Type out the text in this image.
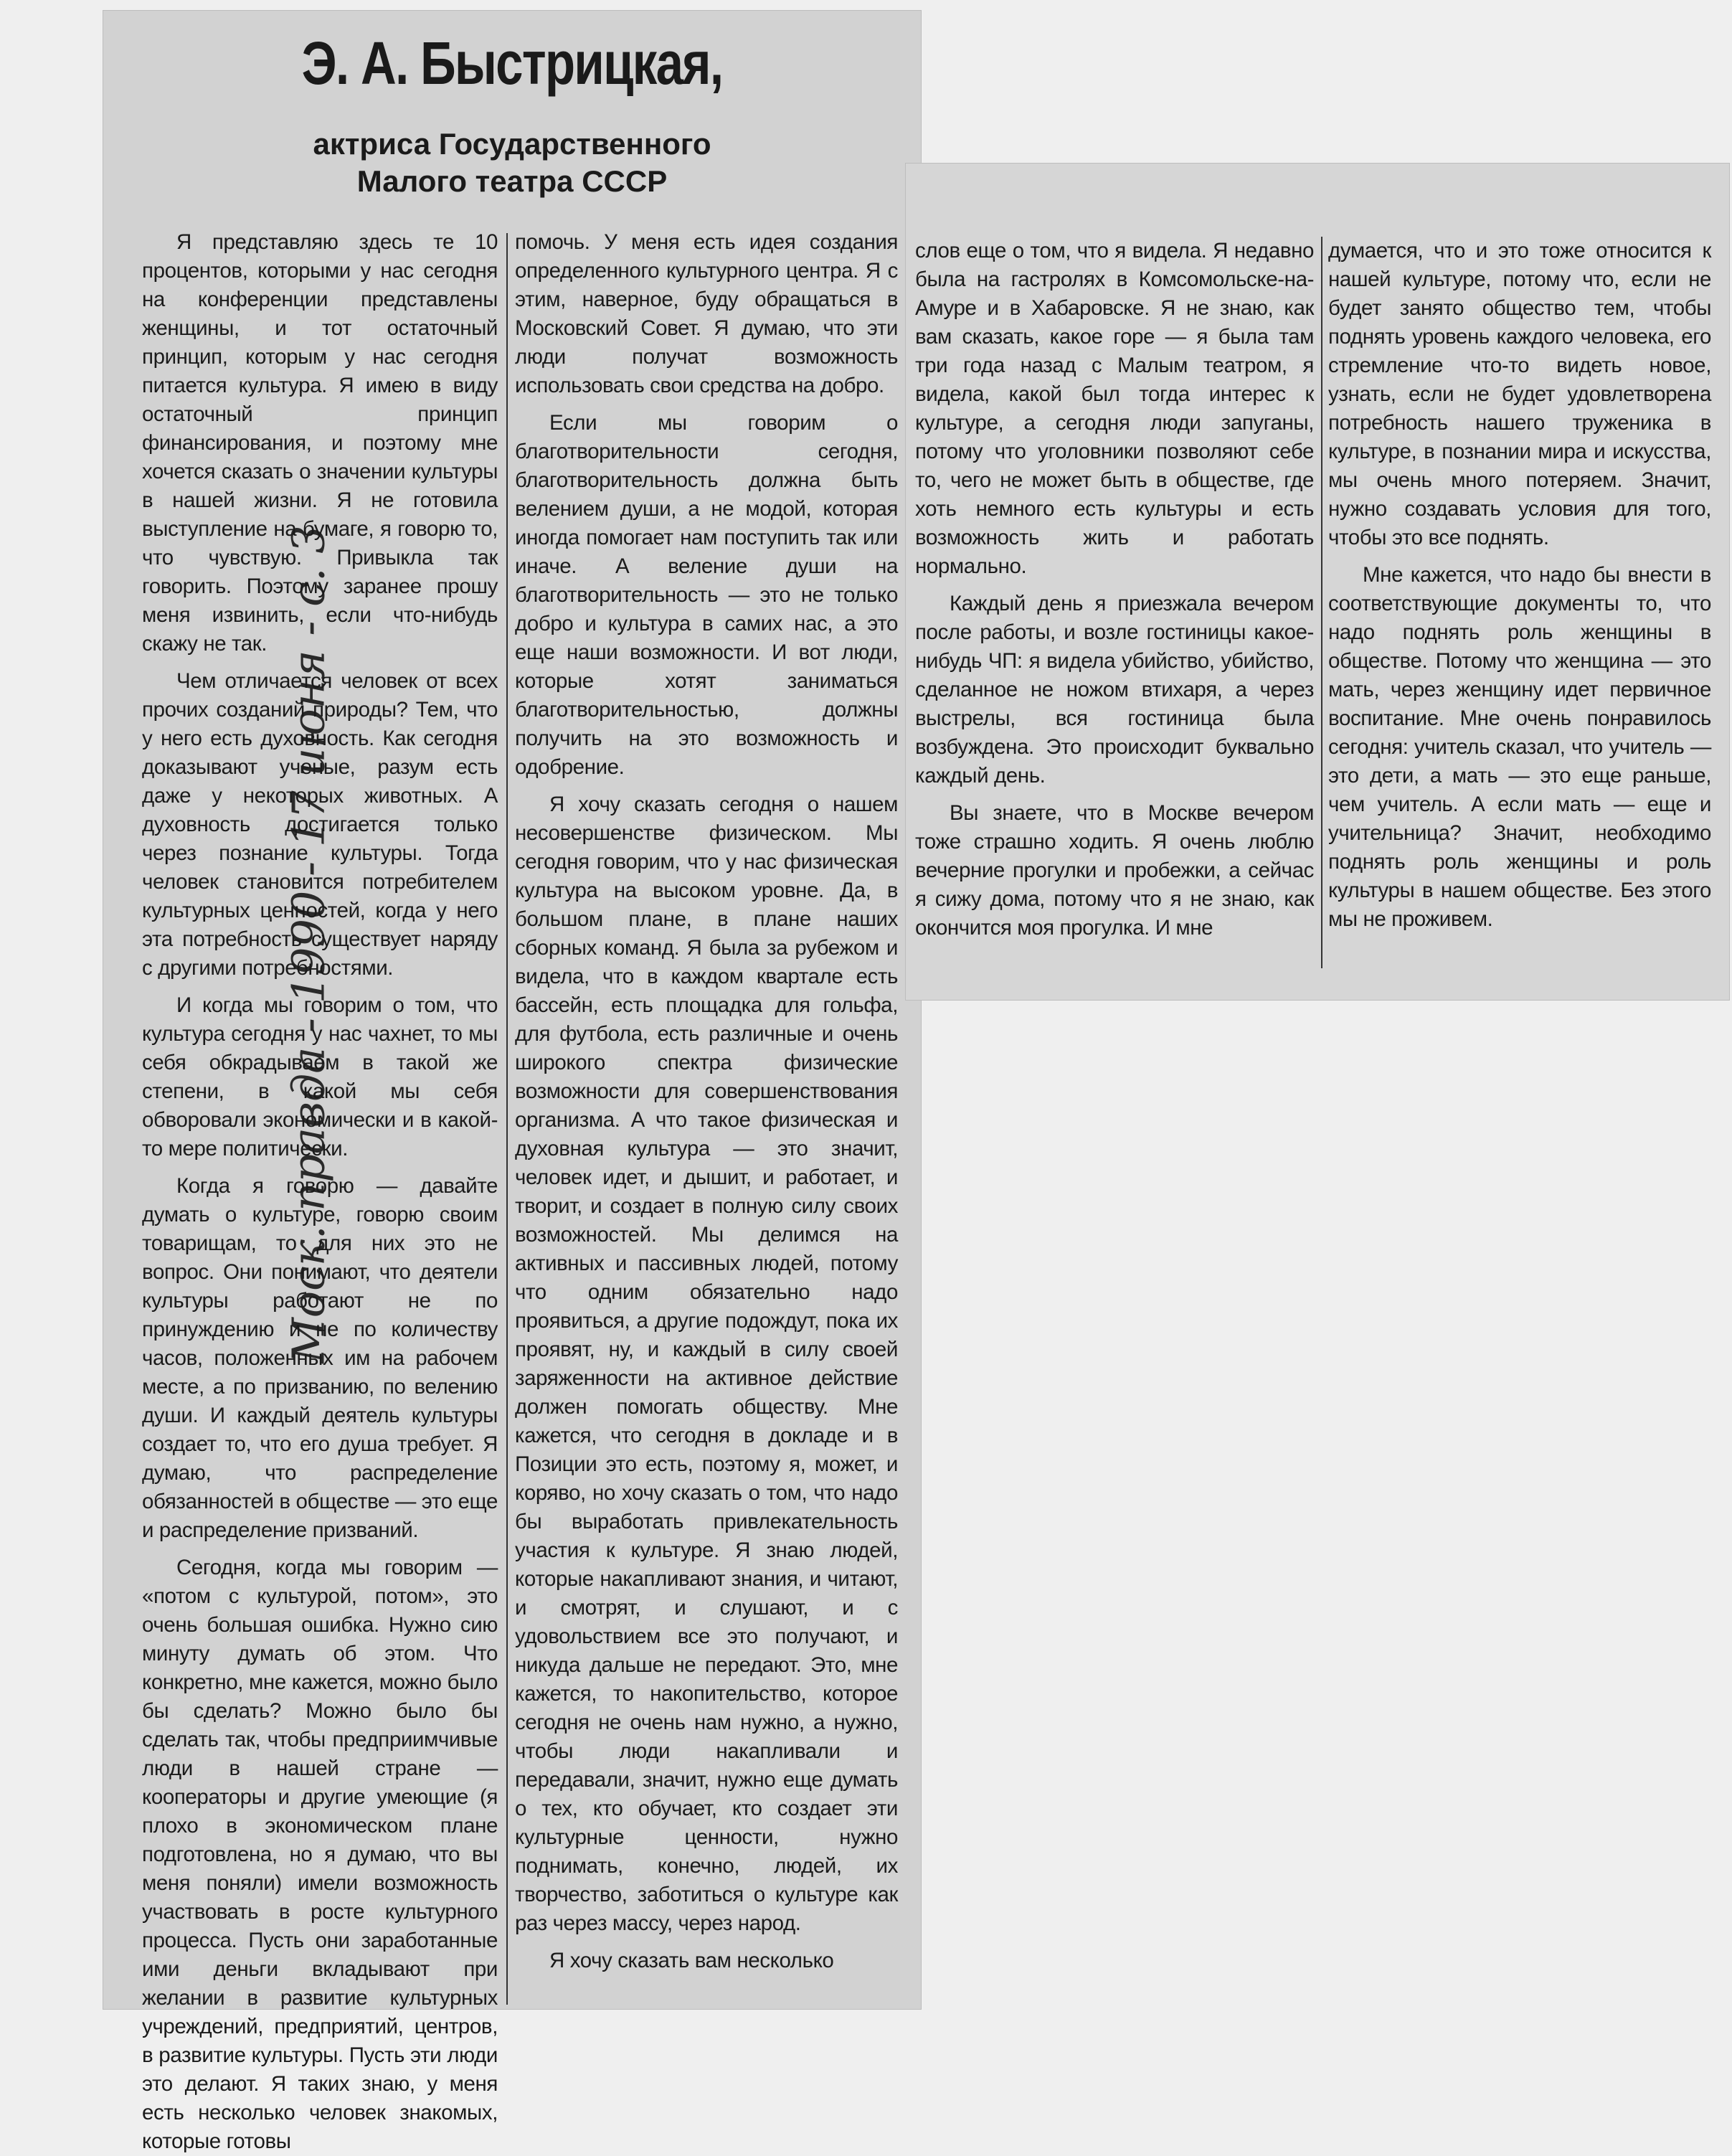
Моск. правда - 1990 - 17 июня - с. 3
Э. А. Быстрицкая,
актриса Государственного
Малого театра СССР

Я представляю здесь те 10 процентов, которыми у нас сегодня на конференции представлены женщины, и тот остаточный принцип, которым у нас сегодня питается культура. Я имею в виду остаточный принцип финансирования, и поэтому мне хочется сказать о значении культуры в нашей жизни. Я не готовила выступление на бумаге, я говорю то, что чувствую. Привыкла так говорить. Поэтому заранее прошу меня извинить, если что-нибудь скажу не так.

Чем отличается человек от всех прочих созданий природы? Тем, что у него есть духовность. Как сегодня доказывают ученые, разум есть даже у некоторых животных. А духовность достигается только через познание культуры. Тогда человек становится потребителем культурных ценностей, когда у него эта потребность существует наряду с другими потребностями.

И когда мы говорим о том, что культура сегодня у нас чахнет, то мы себя обкрадываем в такой же степени, в какой мы себя обворовали экономически и в какой-то мере политически.

Когда я говорю — давайте думать о культуре, говорю своим товарищам, то для них это не вопрос. Они понимают, что деятели культуры работают не по принуждению и не по количеству часов, положенных им на рабочем месте, а по призванию, по велению души. И каждый деятель культуры создает то, что его душа требует. Я думаю, что распределение обязанностей в обществе — это еще и распределение призваний.

Сегодня, когда мы говорим — «потом с культурой, потом», это очень большая ошибка. Нужно сию минуту думать об этом. Что конкретно, мне кажется, можно было бы сделать? Можно было бы сделать так, чтобы предприимчивые люди в нашей стране — кооператоры и другие умеющие (я плохо в экономическом плане подготовлена, но я думаю, что вы меня поняли) имели возможность участвовать в росте культурного процесса. Пусть они заработанные ими деньги вкладывают при желании в развитие культурных учреждений, предприятий, центров, в развитие культуры. Пусть эти люди это делают. Я таких знаю, у меня есть несколько человек знакомых, которые готовы

помочь. У меня есть идея создания определенного культурного центра. Я с этим, наверное, буду обращаться в Московский Совет. Я думаю, что эти люди получат возможность использовать свои средства на добро.

Если мы говорим о благотворительности сегодня, благотворительность должна быть велением души, а не модой, которая иногда помогает нам поступить так или иначе. А веление души на благотворительность — это не только добро и культура в самих нас, а это еще наши возможности. И вот люди, которые хотят заниматься благотворительностью, должны получить на это возможность и одобрение.

Я хочу сказать сегодня о нашем несовершенстве физическом. Мы сегодня говорим, что у нас физическая культура на высоком уровне. Да, в большом плане, в плане наших сборных команд. Я была за рубежом и видела, что в каждом квартале есть бассейн, есть площадка для гольфа, для футбола, есть различные и очень широкого спектра физические возможности для совершенствования организма. А что такое физическая и духовная культура — это значит, человек идет, и дышит, и работает, и творит, и создает в полную силу своих возможностей. Мы делимся на активных и пассивных людей, потому что одним обязательно надо проявиться, а другие подождут, пока их проявят, ну, и каждый в силу своей заряженности на активное действие должен помогать обществу. Мне кажется, что сегодня в докладе и в Позиции это есть, поэтому я, может, и коряво, но хочу сказать о том, что надо бы выработать привлекательность участия к культуре. Я знаю людей, которые накапливают знания, и читают, и смотрят, и слушают, и с удовольствием все это получают, и никуда дальше не передают. Это, мне кажется, то накопительство, которое сегодня не очень нам нужно, а нужно, чтобы люди накапливали и передавали, значит, нужно еще думать о тех, кто обучает, кто создает эти культурные ценности, нужно поднимать, конечно, людей, их творчество, заботиться о культуре как раз через массу, через народ.

Я хочу сказать вам несколько

слов еще о том, что я видела. Я недавно была на гастролях в Комсомольске-на-Амуре и в Хабаровске. Я не знаю, как вам сказать, какое горе — я была там три года назад с Малым театром, я видела, какой был тогда интерес к культуре, а сегодня люди запуганы, потому что уголовники позволяют себе то, чего не может быть в обществе, где хоть немного есть культуры и есть возможность жить и работать нормально.

Каждый день я приезжала вечером после работы, и возле гостиницы какое-нибудь ЧП: я видела убийство, убийство, сделанное не ножом втихаря, а через выстрелы, вся гостиница была возбуждена. Это происходит буквально каждый день.

Вы знаете, что в Москве вечером тоже страшно ходить. Я очень люблю вечерние прогулки и пробежки, а сейчас я сижу дома, потому что я не знаю, как окончится моя прогулка. И мне

думается, что и это тоже относится к нашей культуре, потому что, если не будет занято общество тем, чтобы поднять уровень каждого человека, его стремление что-то видеть новое, узнать, если не будет удовлетворена потребность нашего труженика в культуре, в познании мира и искусства, мы очень много потеряем. Значит, нужно создавать условия для того, чтобы это все поднять.

Мне кажется, что надо бы внести в соответствующие документы то, что надо поднять роль женщины в обществе. Потому что женщина — это мать, через женщину идет первичное воспитание. Мне очень понравилось сегодня: учитель сказал, что учитель — это дети, а мать — это еще раньше, чем учитель. А если мать — еще и учительница? Значит, необходимо поднять роль женщины и роль культуры в нашем обществе. Без этого мы не проживем.
